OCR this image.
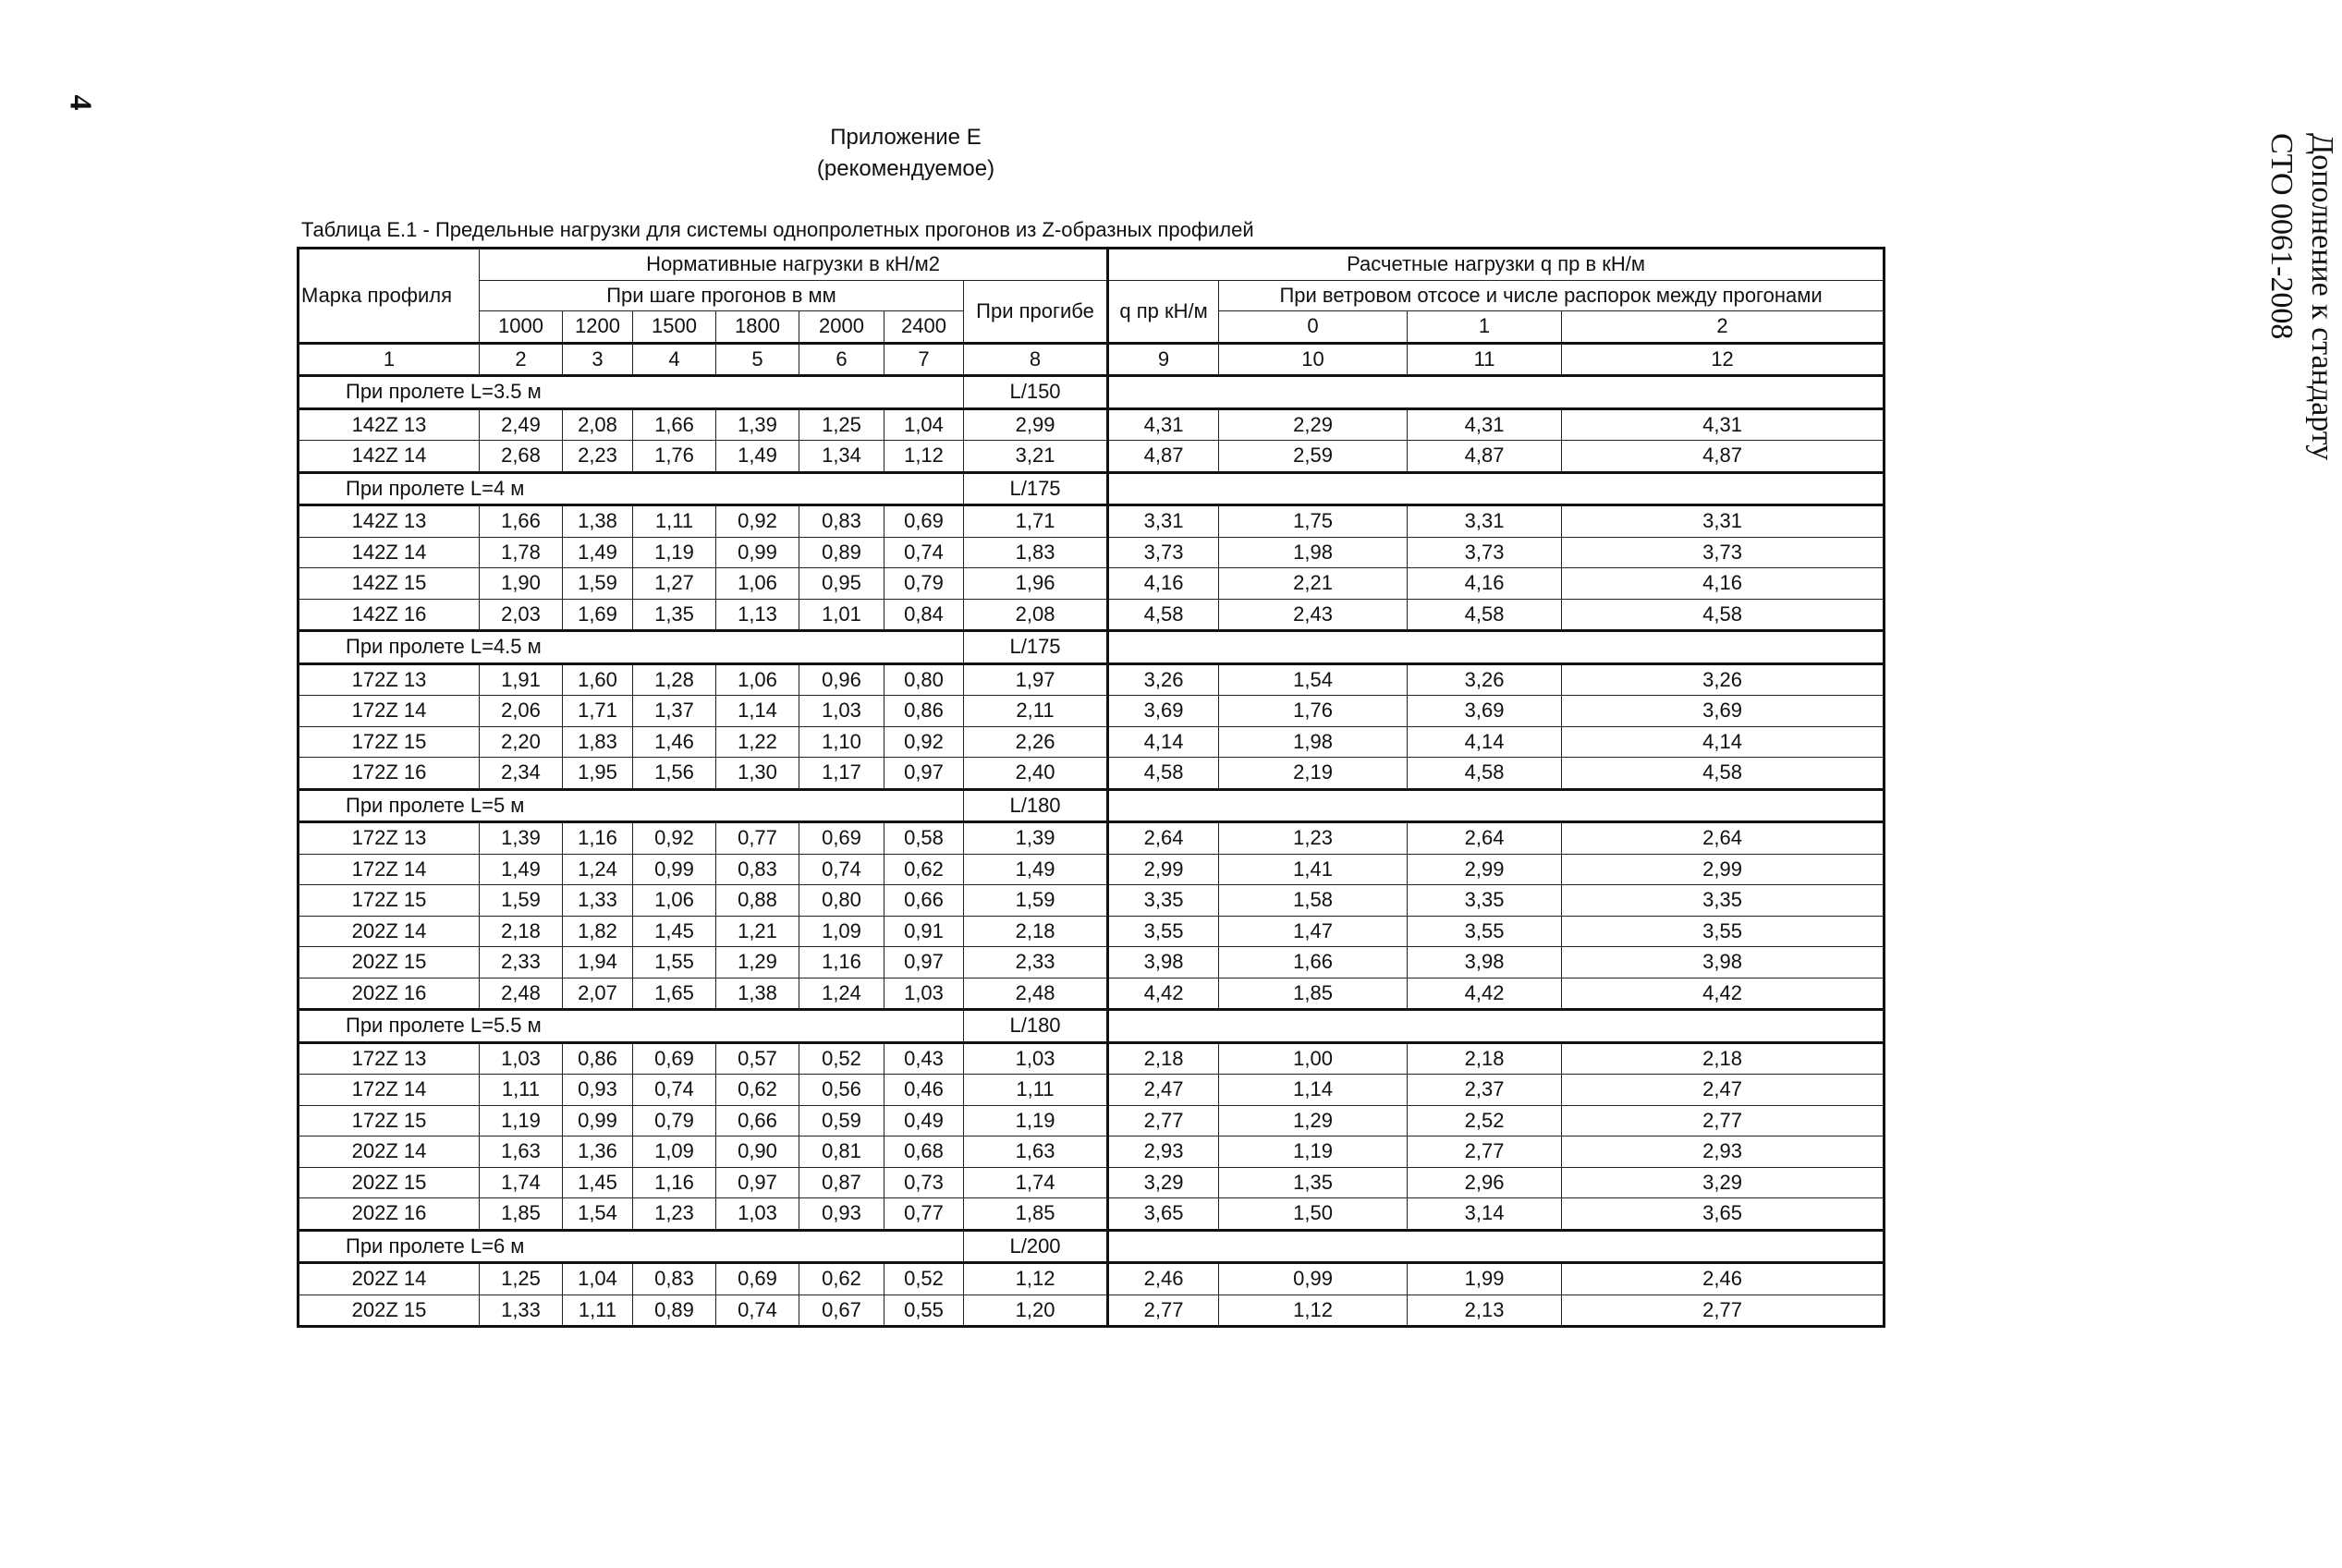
4
Дополнение к стандарту
СТО 0061-2008
Приложение Е
(рекомендуемое)
Таблица Е.1 - Предельные нагрузки для системы однопролетных прогонов из Z-образных профилей
Марка профиля	Нормативные нагрузки в кН/м2							Расчетные нагрузки q пр в кН/м			
	При шаге прогонов в мм						При прогибе	q пр кН/м	При ветровом отсосе и числе распорок между прогонами		
	1000	1200	1500	1800	2000	2400			0	1	2
1	2	3	4	5	6	7	8	9	10	11	12
При пролете L=3.5 м							L/150				
142Z 13	2,49	2,08	1,66	1,39	1,25	1,04	2,99	4,31	2,29	4,31	4,31
142Z 14	2,68	2,23	1,76	1,49	1,34	1,12	3,21	4,87	2,59	4,87	4,87
При пролете L=4 м							L/175				
142Z 13	1,66	1,38	1,11	0,92	0,83	0,69	1,71	3,31	1,75	3,31	3,31
142Z 14	1,78	1,49	1,19	0,99	0,89	0,74	1,83	3,73	1,98	3,73	3,73
142Z 15	1,90	1,59	1,27	1,06	0,95	0,79	1,96	4,16	2,21	4,16	4,16
142Z 16	2,03	1,69	1,35	1,13	1,01	0,84	2,08	4,58	2,43	4,58	4,58
При пролете L=4.5 м							L/175				
172Z 13	1,91	1,60	1,28	1,06	0,96	0,80	1,97	3,26	1,54	3,26	3,26
172Z 14	2,06	1,71	1,37	1,14	1,03	0,86	2,11	3,69	1,76	3,69	3,69
172Z 15	2,20	1,83	1,46	1,22	1,10	0,92	2,26	4,14	1,98	4,14	4,14
172Z 16	2,34	1,95	1,56	1,30	1,17	0,97	2,40	4,58	2,19	4,58	4,58
При пролете L=5 м							L/180				
172Z 13	1,39	1,16	0,92	0,77	0,69	0,58	1,39	2,64	1,23	2,64	2,64
172Z 14	1,49	1,24	0,99	0,83	0,74	0,62	1,49	2,99	1,41	2,99	2,99
172Z 15	1,59	1,33	1,06	0,88	0,80	0,66	1,59	3,35	1,58	3,35	3,35
202Z 14	2,18	1,82	1,45	1,21	1,09	0,91	2,18	3,55	1,47	3,55	3,55
202Z 15	2,33	1,94	1,55	1,29	1,16	0,97	2,33	3,98	1,66	3,98	3,98
202Z 16	2,48	2,07	1,65	1,38	1,24	1,03	2,48	4,42	1,85	4,42	4,42
При пролете L=5.5 м							L/180				
172Z 13	1,03	0,86	0,69	0,57	0,52	0,43	1,03	2,18	1,00	2,18	2,18
172Z 14	1,11	0,93	0,74	0,62	0,56	0,46	1,11	2,47	1,14	2,37	2,47
172Z 15	1,19	0,99	0,79	0,66	0,59	0,49	1,19	2,77	1,29	2,52	2,77
202Z 14	1,63	1,36	1,09	0,90	0,81	0,68	1,63	2,93	1,19	2,77	2,93
202Z 15	1,74	1,45	1,16	0,97	0,87	0,73	1,74	3,29	1,35	2,96	3,29
202Z 16	1,85	1,54	1,23	1,03	0,93	0,77	1,85	3,65	1,50	3,14	3,65
При пролете L=6 м							L/200				
202Z 14	1,25	1,04	0,83	0,69	0,62	0,52	1,12	2,46	0,99	1,99	2,46
202Z 15	1,33	1,11	0,89	0,74	0,67	0,55	1,20	2,77	1,12	2,13	2,77
